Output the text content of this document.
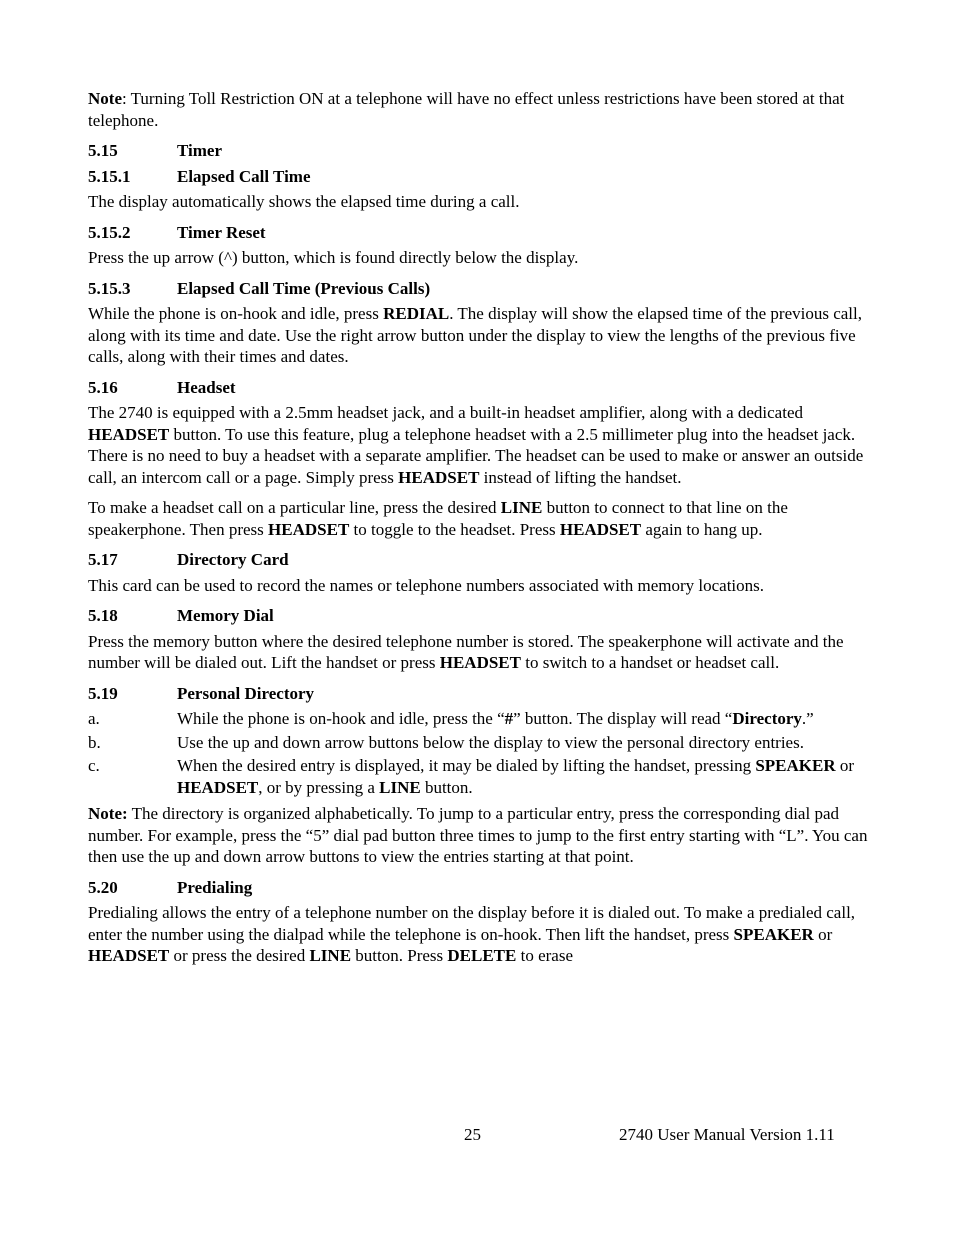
Note: Turning Toll Restriction ON at a telephone will have no effect unless restrictions have been stored at that telephone.

5.15	Timer
5.15.1	Elapsed Call Time

The display automatically shows the elapsed time during a call.

5.15.2	Timer Reset

Press the up arrow (^) button, which is found directly below the display.

5.15.3	Elapsed Call Time (Previous Calls)

While the phone is on-hook and idle, press REDIAL. The display will show the elapsed time of the previous call, along with its time and date. Use the right arrow button under the display to view the lengths of the previous five calls, along with their times and dates.

5.16	Headset

The 2740 is equipped with a 2.5mm headset jack, and a built-in headset amplifier, along with a dedicated HEADSET button. To use this feature, plug a telephone headset with a 2.5 millimeter plug into the headset jack. There is no need to buy a headset with a separate amplifier. The headset can be used to make or answer an outside call, an intercom call or a page. Simply press HEADSET instead of lifting the handset.

To make a headset call on a particular line, press the desired LINE button to connect to that line on the speakerphone. Then press HEADSET to toggle to the headset. Press HEADSET again to hang up.

5.17	Directory Card

This card can be used to record the names or telephone numbers associated with memory locations.

5.18	Memory Dial

Press the memory button where the desired telephone number is stored. The speakerphone will activate and the number will be dialed out. Lift the handset or press HEADSET to switch to a handset or headset call.

5.19	Personal Directory
a.	While the phone is on-hook and idle, press the “#” button. The display will read “Directory.”
b.	Use the up and down arrow buttons below the display to view the personal directory entries.
c.	When the desired entry is displayed, it may be dialed by lifting the handset, pressing SPEAKER or HEADSET, or by pressing a LINE button.

Note: The directory is organized alphabetically. To jump to a particular entry, press the corresponding dial pad number. For example, press the “5” dial pad button three times to jump to the first entry starting with “L”. You can then use the up and down arrow buttons to view the entries starting at that point.

5.20	Predialing

Predialing allows the entry of a telephone number on the display before it is dialed out. To make a predialed call, enter the number using the dialpad while the telephone is on-hook. Then lift the handset, press SPEAKER or HEADSET or press the desired LINE button. Press DELETE to erase

25	2740 User Manual Version 1.11
